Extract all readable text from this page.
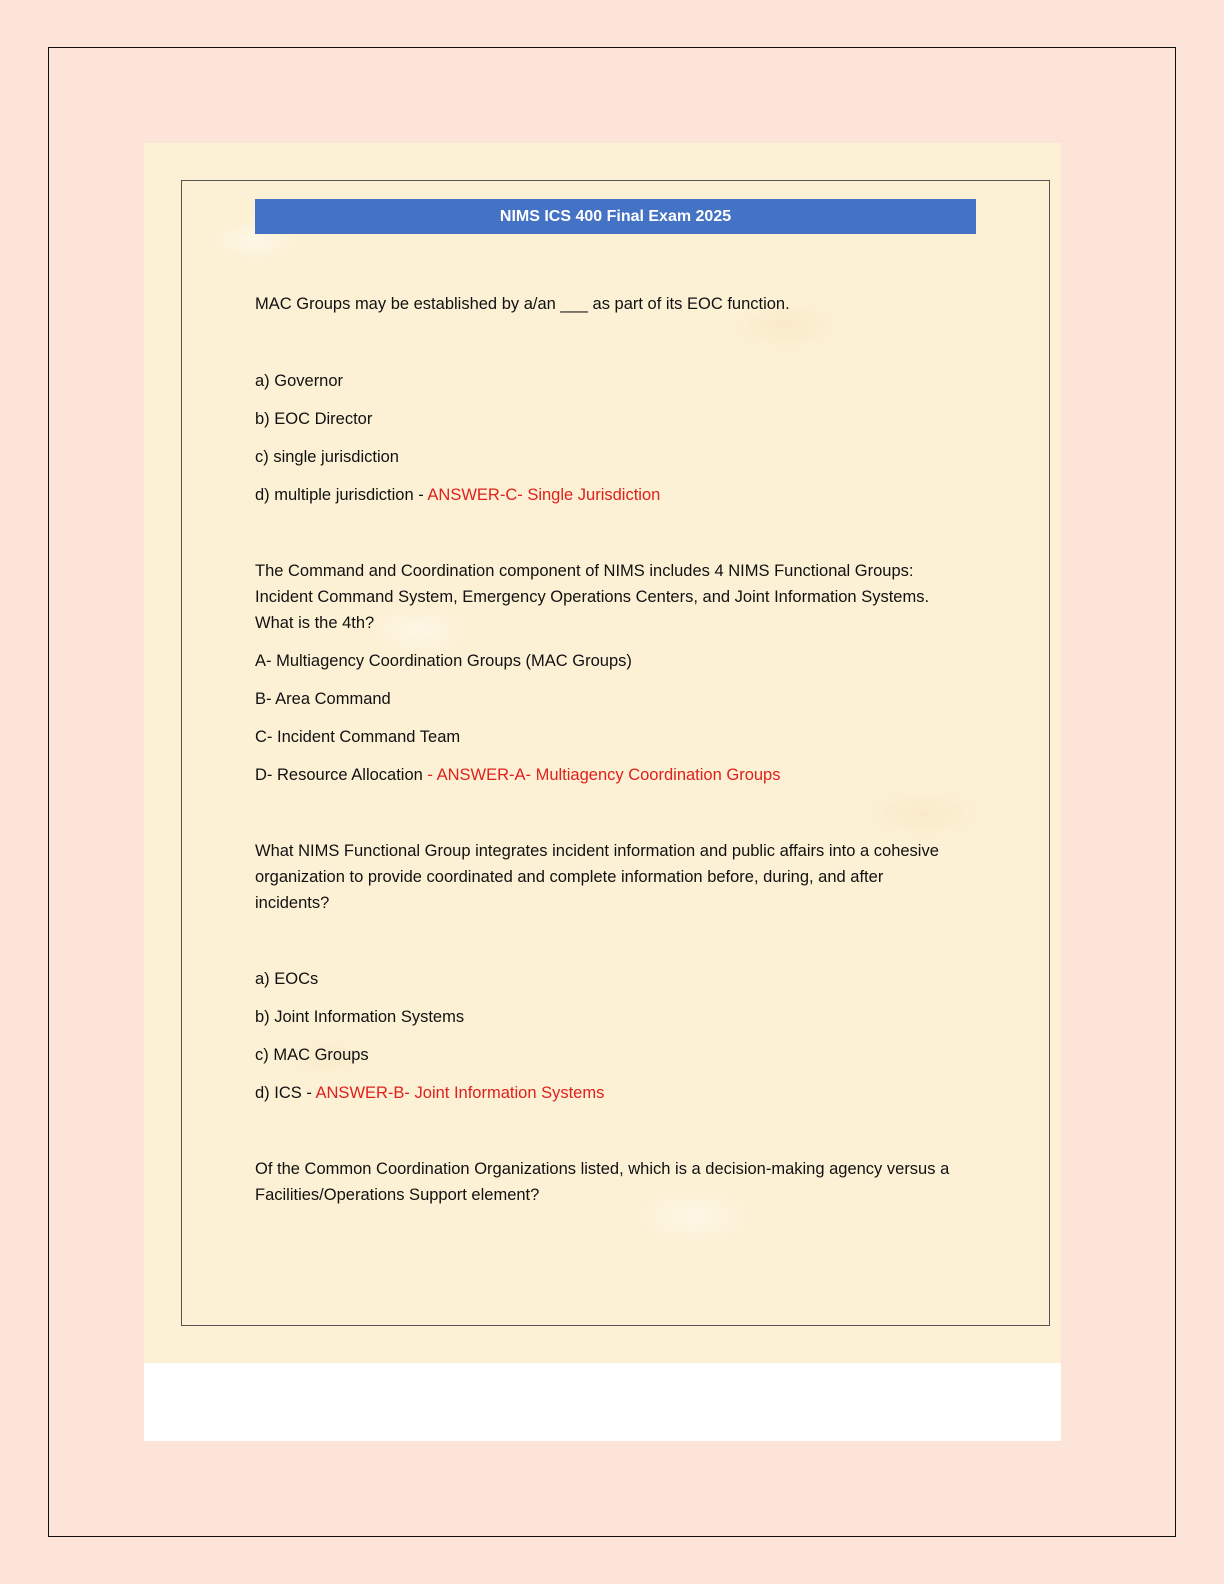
NIMS ICS 400 Final Exam 2025
MAC Groups may be established by a/an ___ as part of its EOC function.
a) Governor
b) EOC Director
c) single jurisdiction
d) multiple jurisdiction - ANSWER-C- Single Jurisdiction
The Command and Coordination component of NIMS includes 4 NIMS Functional Groups:
Incident Command System, Emergency Operations Centers, and Joint Information Systems.
What is the 4th?
A- Multiagency Coordination Groups (MAC Groups)
B- Area Command
C- Incident Command Team
D- Resource Allocation - ANSWER-A- Multiagency Coordination Groups
What NIMS Functional Group integrates incident information and public affairs into a cohesive
organization to provide coordinated and complete information before, during, and after
incidents?
a) EOCs
b) Joint Information Systems
c) MAC Groups
d) ICS - ANSWER-B- Joint Information Systems
Of the Common Coordination Organizations listed, which is a decision-making agency versus a
Facilities/Operations Support element?
